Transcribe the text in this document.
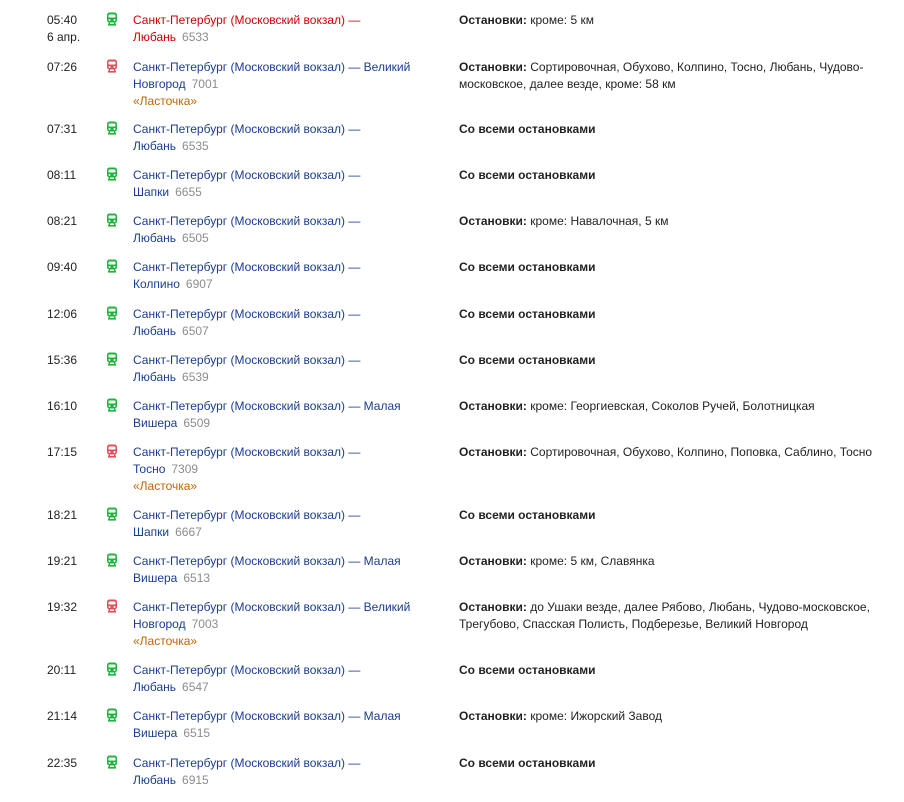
05:40
6 апр.
Санкт-Петербург (Московский вокзал) —
Любань 6533
Остановки: кроме: 5 км
07:26	Санкт-Петербург (Московский вокзал) — Великий
Новгород 7001
«Ласточка»
Остановки: Сортировочная, Обухово, Колпино, Тосно, Любань, Чудово-московское, далее везде, кроме: 58 км
07:31	Санкт-Петербург (Московский вокзал) —
Любань 6535
Со всеми остановками
08:11	Санкт-Петербург (Московский вокзал) —
Шапки 6655
Со всеми остановками
08:21	Санкт-Петербург (Московский вокзал) —
Любань 6505
Остановки: кроме: Навалочная, 5 км
09:40	Санкт-Петербург (Московский вокзал) —
Колпино 6907
Со всеми остановками
12:06	Санкт-Петербург (Московский вокзал) —
Любань 6507
Со всеми остановками
15:36	Санкт-Петербург (Московский вокзал) —
Любань 6539
Со всеми остановками
16:10	Санкт-Петербург (Московский вокзал) — Малая
Вишера 6509
Остановки: кроме: Георгиевская, Соколов Ручей, Болотницкая
17:15	Санкт-Петербург (Московский вокзал) —
Тосно 7309
«Ласточка»
Остановки: Сортировочная, Обухово, Колпино, Поповка, Саблино, Тосно
18:21	Санкт-Петербург (Московский вокзал) —
Шапки 6667
Со всеми остановками
19:21	Санкт-Петербург (Московский вокзал) — Малая
Вишера 6513
Остановки: кроме: 5 км, Славянка
19:32	Санкт-Петербург (Московский вокзал) — Великий
Новгород 7003
«Ласточка»
Остановки: до Ушаки везде, далее Рябово, Любань, Чудово-московское, Трегубово, Спасская Полисть, Подберезье, Великий Новгород
20:11	Санкт-Петербург (Московский вокзал) —
Любань 6547
Со всеми остановками
21:14	Санкт-Петербург (Московский вокзал) — Малая
Вишера 6515
Остановки: кроме: Ижорский Завод
22:35	Санкт-Петербург (Московский вокзал) —
Любань 6915
Со всеми остановками
